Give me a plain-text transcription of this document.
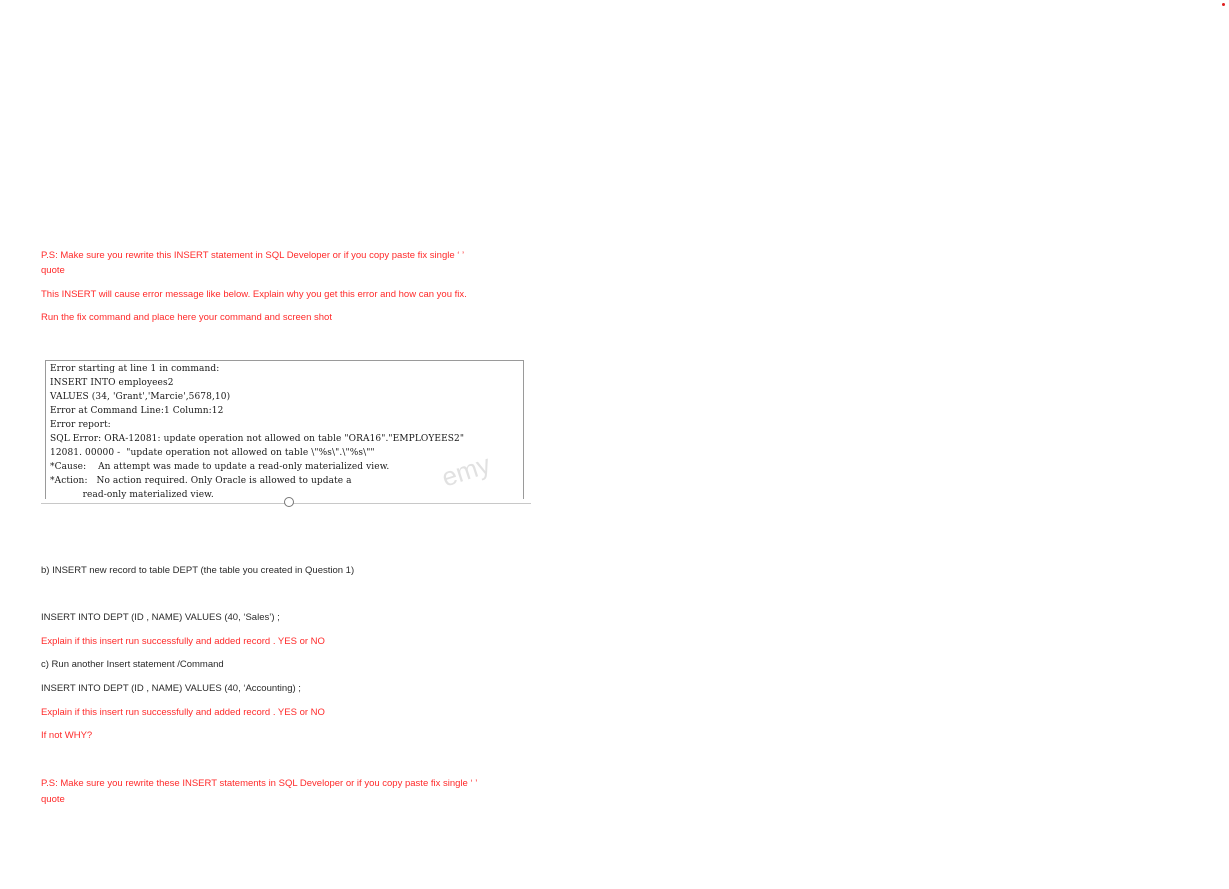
P.S: Make sure you rewrite this INSERT statement in SQL Developer or if you copy paste fix single ‘ ’
quote
This INSERT will cause error message like below. Explain why you get this error and how can you fix.
Run the fix command and place here your command and screen shot
Error starting at line 1 in command:
INSERT INTO employees2
VALUES (34, 'Grant','Marcie',5678,10)
Error at Command Line:1 Column:12
Error report:
SQL Error: ORA-12081: update operation not allowed on table "ORA16"."EMPLOYEES2"
12081. 00000 -  "update operation not allowed on table \"%s\".\"%s\""
*Cause:    An attempt was made to update a read-only materialized view.
*Action:   No action required. Only Oracle is allowed to update a
read-only materialized view.
emy
b) INSERT new record to table DEPT (the table you created in Question 1)
INSERT INTO DEPT (ID , NAME) VALUES (40, ‘Sales’) ;
Explain if this insert run successfully and added record . YES or NO
c) Run another Insert statement /Command
INSERT INTO DEPT (ID , NAME) VALUES (40, ‘Accounting) ;
Explain if this insert run successfully and added record . YES or NO
If not WHY?
P.S: Make sure you rewrite these INSERT statements in SQL Developer or if you copy paste fix single ‘ ’
quote
